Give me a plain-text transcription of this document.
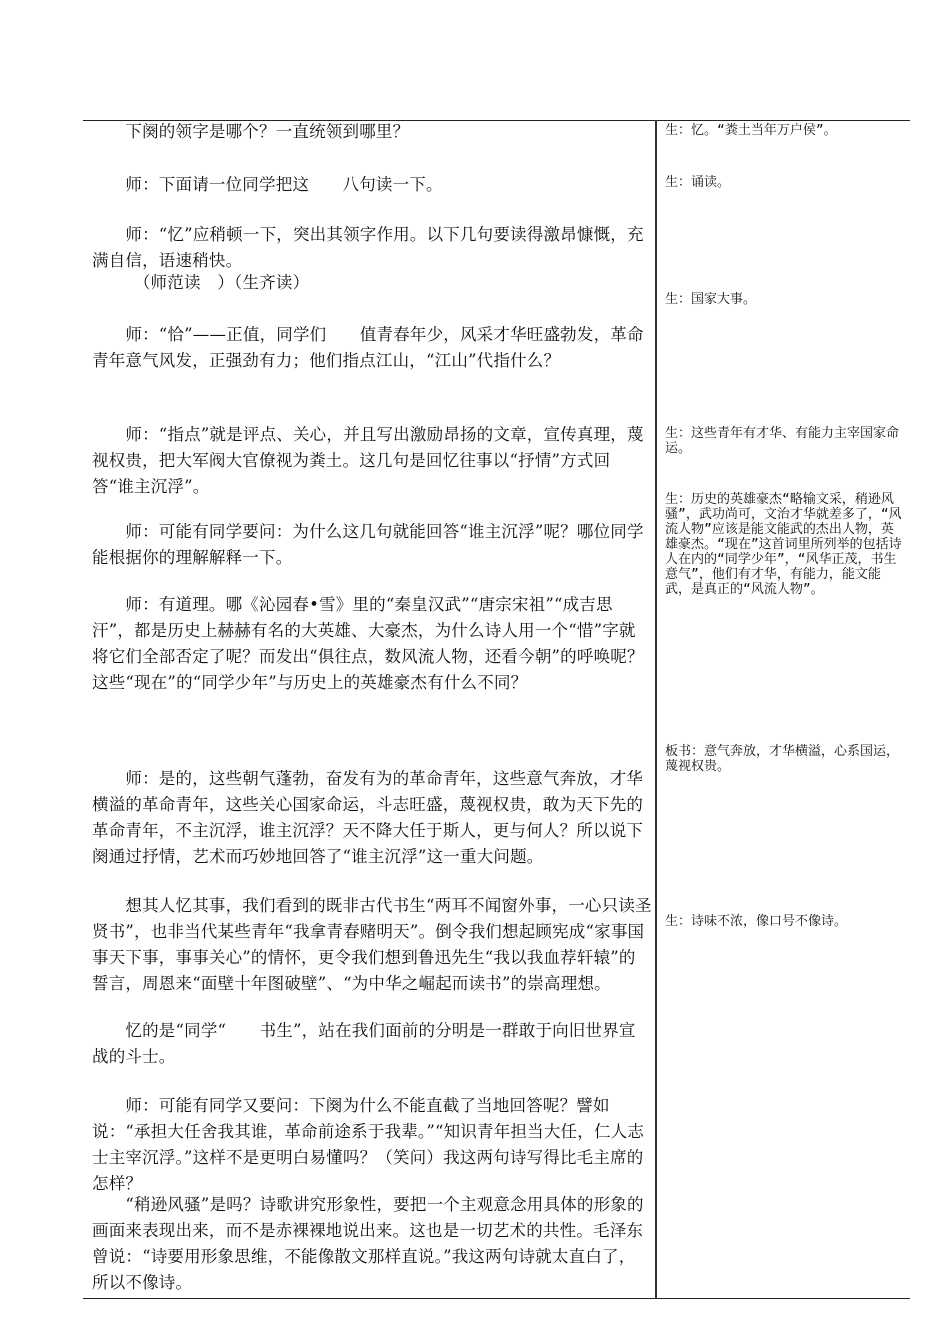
　　下阕的领字是哪个？一直统领到哪里？

　　师：下面请一位同学把这　　八句读一下。

　　师：“忆”应稍顿一下，突出其领字作用。以下几句要读得激昂慷慨，充满自信，语速稍快。

　　　（师范读　）（生齐读）

　　师：“恰”——正值，同学们　　值青春年少，风采才华旺盛勃发，革命青年意气风发，正强劲有力；他们指点江山，“江山”代指什么？

　　师：“指点”就是评点、关心，并且写出激励昂扬的文章，宣传真理，蔑视权贵，把大军阀大官僚视为粪土。这几句是回忆往事以“抒情”方式回答“谁主沉浮”。

　　师：可能有同学要问：为什么这几句就能回答“谁主沉浮”呢？哪位同学能根据你的理解解释一下。

　　师：有道理。哪《沁园春•雪》里的“秦皇汉武”“唐宗宋祖”“成吉思汗”，都是历史上赫赫有名的大英雄、大豪杰，为什么诗人用一个“惜”字就将它们全部否定了呢？而发出“俱往点，数风流人物，还看今朝”的呼唤呢？这些“现在”的“同学少年”与历史上的英雄豪杰有什么不同？

　　师：是的，这些朝气蓬勃，奋发有为的革命青年，这些意气奔放，才华横溢的革命青年，这些关心国家命运，斗志旺盛，蔑视权贵，敢为天下先的革命青年，不主沉浮，谁主沉浮？天不降大任于斯人，更与何人？所以说下阕通过抒情，艺术而巧妙地回答了“谁主沉浮”这一重大问题。

　　想其人忆其事，我们看到的既非古代书生“两耳不闻窗外事，一心只读圣贤书”，也非当代某些青年“我拿青春赌明天”。倒令我们想起顾宪成“家事国事天下事，事事关心”的情怀，更令我们想到鲁迅先生“我以我血荐轩辕”的誓言，周恩来“面壁十年图破壁”、“为中华之崛起而读书”的崇高理想。

　　忆的是“同学“　　书生”，站在我们面前的分明是一群敢于向旧世界宣战的斗士。

　　师：可能有同学又要问：下阕为什么不能直截了当地回答呢？譬如说：“承担大任舍我其谁，革命前途系于我辈。”“知识青年担当大任，仁人志士主宰沉浮。”这样不是更明白易懂吗？（笑问）我这两句诗写得比毛主席的怎样？

　　“稍逊风骚”是吗？诗歌讲究形象性，要把一个主观意念用具体的形象的画面来表现出来，而不是赤裸裸地说出来。这也是一切艺术的共性。毛泽东曾说：“诗要用形象思维，不能像散文那样直说。”我这两句诗就太直白了，所以不像诗。

生：忆。“粪土当年万户侯”。

生：诵读。

生：国家大事。

生：这些青年有才华、有能力主宰国家命运。

生：历史的英雄豪杰“略输文采，稍逊风骚”，武功尚可，文治才华就差多了，“风流人物”应该是能文能武的杰出人物，英雄豪杰。“现在”这首词里所列举的包括诗人在内的“同学少年”，“风华正茂，书生意气”，他们有才华，有能力，能文能武，是真正的“风流人物”。

板书：意气奔放，才华横溢，心系国运，蔑视权贵。

生：诗味不浓，像口号不像诗。
